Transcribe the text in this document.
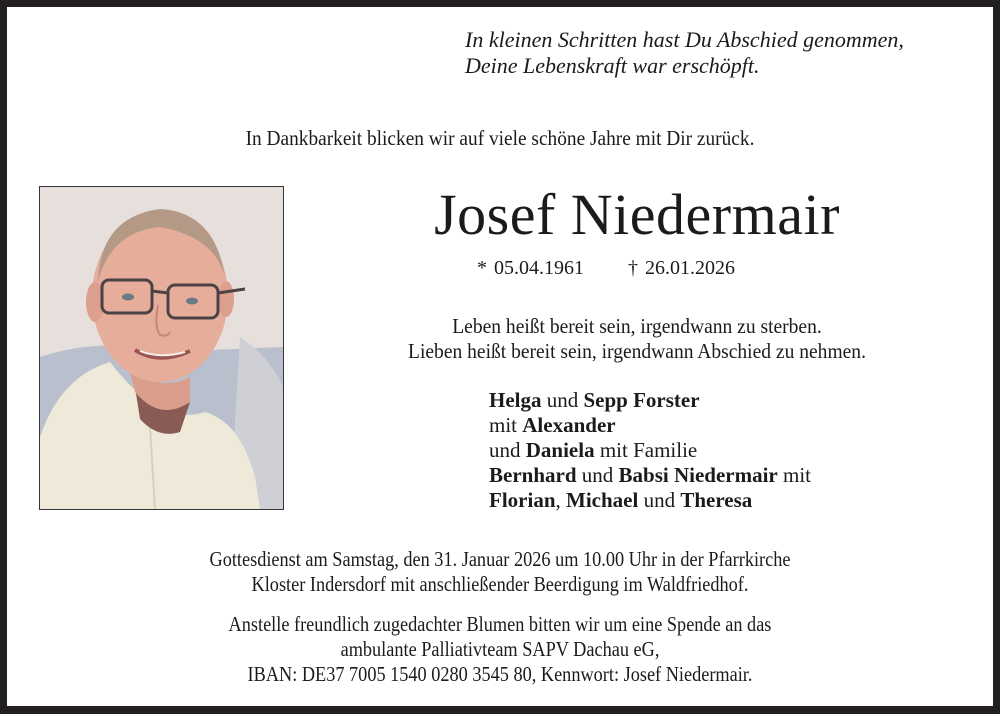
In kleinen Schritten hast Du Abschied genommen,
Deine Lebenskraft war erschöpft.
In Dankbarkeit blicken wir auf viele schöne Jahre mit Dir zurück.
Josef Niedermair
* 05.04.1961 † 26.01.2026
Leben heißt bereit sein, irgendwann zu sterben.
Lieben heißt bereit sein, irgendwann Abschied zu nehmen.
Helga und Sepp Forster
mit Alexander
und Daniela mit Familie
Bernhard und Babsi Niedermair mit
Florian, Michael und Theresa
Gottesdienst am Samstag, den 31. Januar 2026 um 10.00 Uhr in der Pfarrkirche
Kloster Indersdorf mit anschließender Beerdigung im Waldfriedhof.
Anstelle freundlich zugedachter Blumen bitten wir um eine Spende an das
ambulante Palliativteam SAPV Dachau eG,
IBAN: DE37 7005 1540 0280 3545 80, Kennwort: Josef Niedermair.
